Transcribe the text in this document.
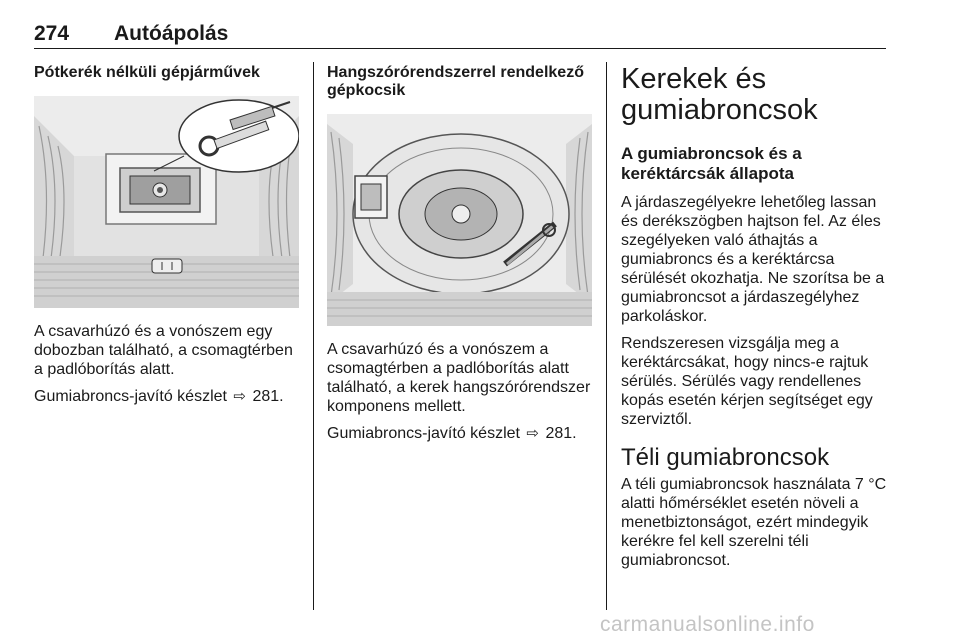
274 Autóápolás
Pótkerék nélküli gépjárművek

A csavarhúzó és a vonószem egy dobozban található, a csomagtérben a padlóborítás alatt.

Gumiabroncs-javító készlet ⇨ 281.

Hangszórórendszerrel rendelkező gépkocsik

A csavarhúzó és a vonószem a csomagtérben a padlóborítás alatt található, a kerek hangszórórendszer komponens mellett.

Gumiabroncs-javító készlet ⇨ 281.

Kerekek és gumiabroncsok
A gumiabroncsok és a keréktárcsák állapota

A járdaszegélyekre lehetőleg lassan és derékszögben hajtson fel. Az éles szegélyeken való áthajtás a gumiabroncs és a keréktárcsa sérülését okozhatja. Ne szorítsa be a gumiabroncsot a járdaszegélyhez parkoláskor.

Rendszeresen vizsgálja meg a keréktárcsákat, hogy nincs-e rajtuk sérülés. Sérülés vagy rendellenes kopás esetén kérjen segítséget egy szerviztől.

Téli gumiabroncsok

A téli gumiabroncsok használata 7 °C alatti hőmérséklet esetén növeli a menetbiztonságot, ezért mindegyik kerékre fel kell szerelni téli gumiabroncsot.

carmanualsonline.info
